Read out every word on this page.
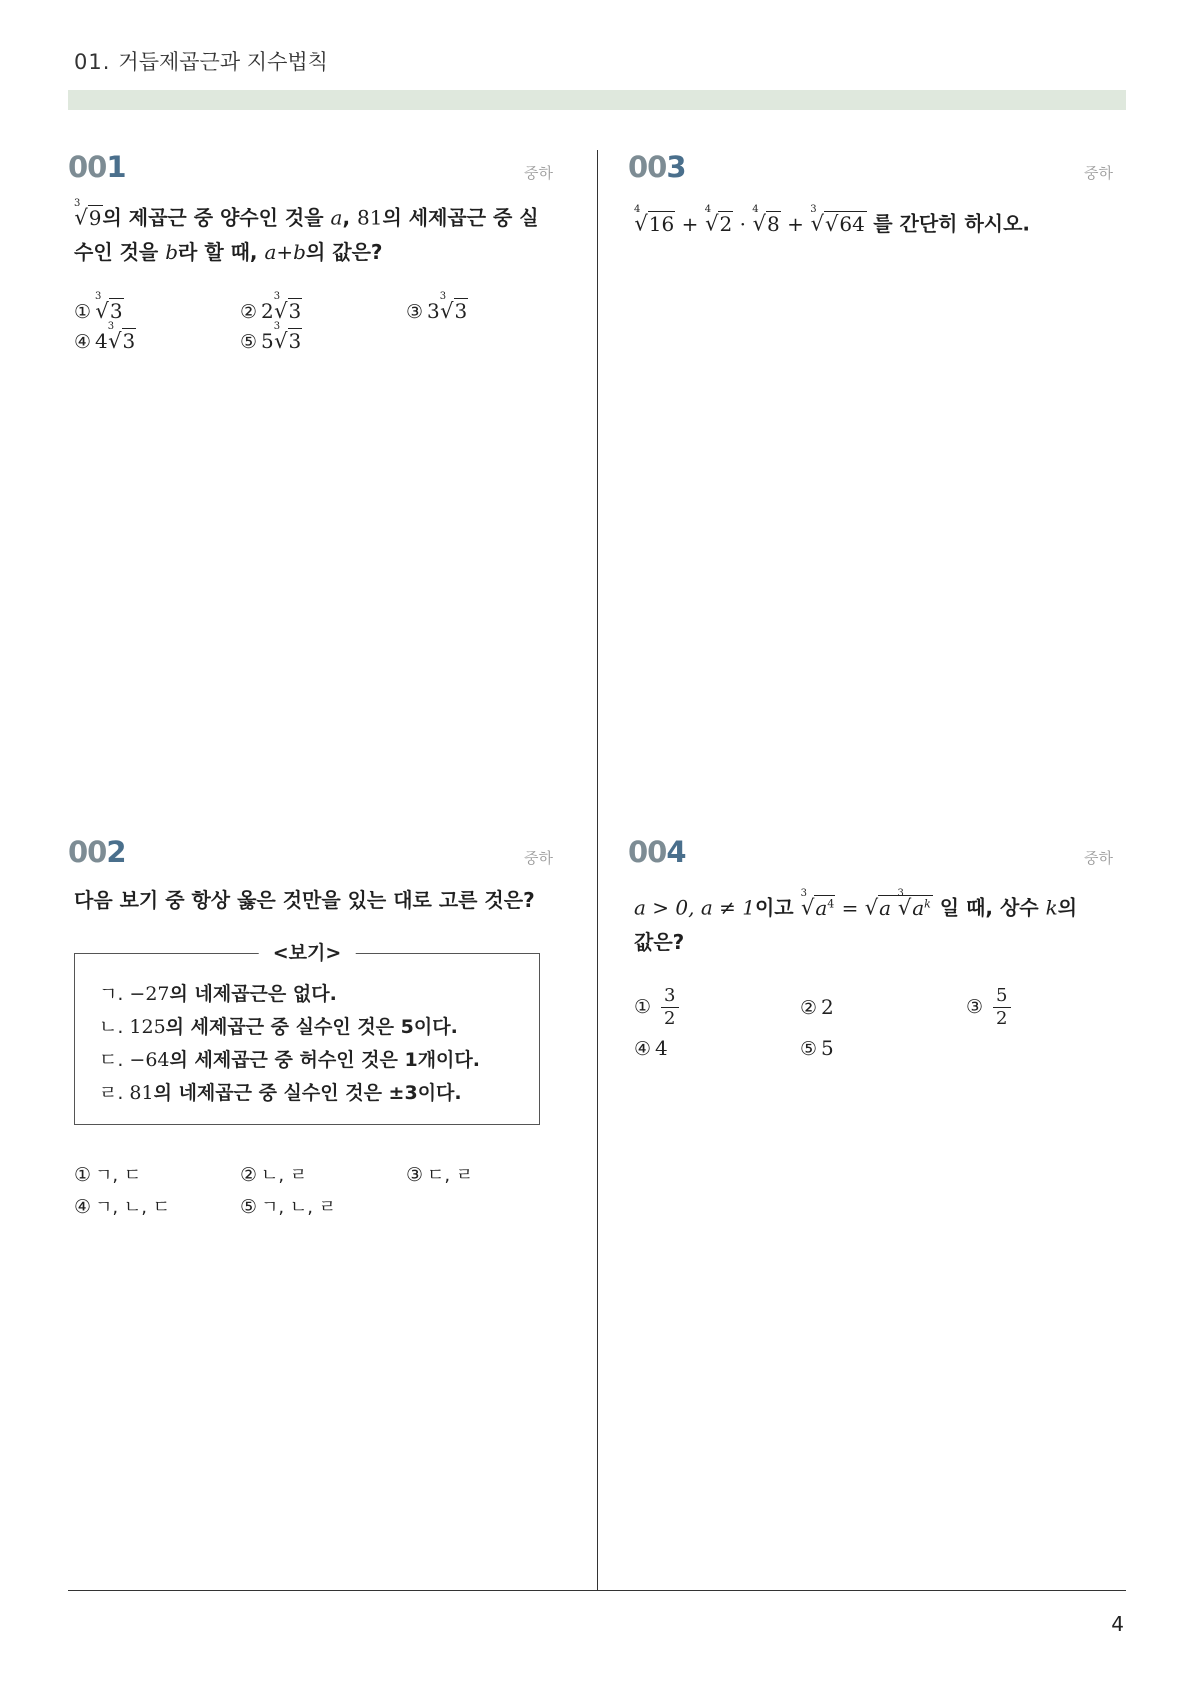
01. 거듭제곱근과 지수법칙
001	중하
$^3$√9의 제곱근 중 양수인 것을 a, 81의 세제곱근 중 실수인 것을 b라 할 때, a+b의 값은?
①$^3$√3	② $2^3√3$	③ $3^3√3$
④ $4^3√3$	⑤ $5^3√3$
003	중하
$^4$√16 + $^4$√2 · $^4$√8 + $^3$√√64 를 간단히 하시오.
002	중하
다음 보기 중 항상 옳은 것만을 있는 대로 고른 것은?
<보기>
ㄱ. −27의 네제곱근은 없다.
ㄴ. 125의 세제곱근 중 실수인 것은 5이다.
ㄷ. −64의 세제곱근 중 허수인 것은 1개이다.
ㄹ. 81의 네제곱근 중 실수인 것은 ±3이다.
① ㄱ, ㄷ	② ㄴ, ㄹ	③ ㄷ, ㄹ
④ ㄱ, ㄴ, ㄷ	⑤ ㄱ, ㄴ, ㄹ
004	중하
a > 0, a ≠ 1이고 $^3√a^4 = √a$ $^3√a^k$ 일 때, 상수 k의
값은?
① $\frac{3}{2}$	② 2	③ $\frac{5}{2}$
④ 4	⑤ 5
4
